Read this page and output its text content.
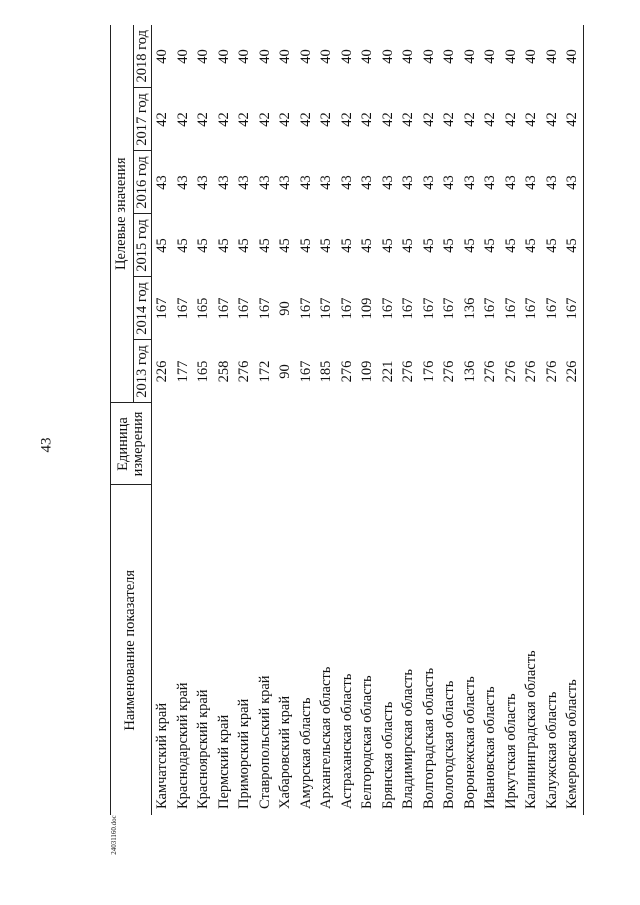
43
24031160.doc
Наименование показателя	Единица измерения	Целевые значения					
		2013 год	2014 год	2015 год	2016 год	2017 год	2018 год
Камчатский край		226	167	45	43	42	40
Краснодарский край		177	167	45	43	42	40
Красноярский край		165	165	45	43	42	40
Пермский край		258	167	45	43	42	40
Приморский край		276	167	45	43	42	40
Ставропольский край		172	167	45	43	42	40
Хабаровский край		90	90	45	43	42	40
Амурская область		167	167	45	43	42	40
Архангельская область		185	167	45	43	42	40
Астраханская область		276	167	45	43	42	40
Белгородская область		109	109	45	43	42	40
Брянская область		221	167	45	43	42	40
Владимирская область		276	167	45	43	42	40
Волгоградская область		176	167	45	43	42	40
Вологодская область		276	167	45	43	42	40
Воронежская область		136	136	45	43	42	40
Ивановская область		276	167	45	43	42	40
Иркутская область		276	167	45	43	42	40
Калининградская область		276	167	45	43	42	40
Калужская область		276	167	45	43	42	40
Кемеровская область		226	167	45	43	42	40
